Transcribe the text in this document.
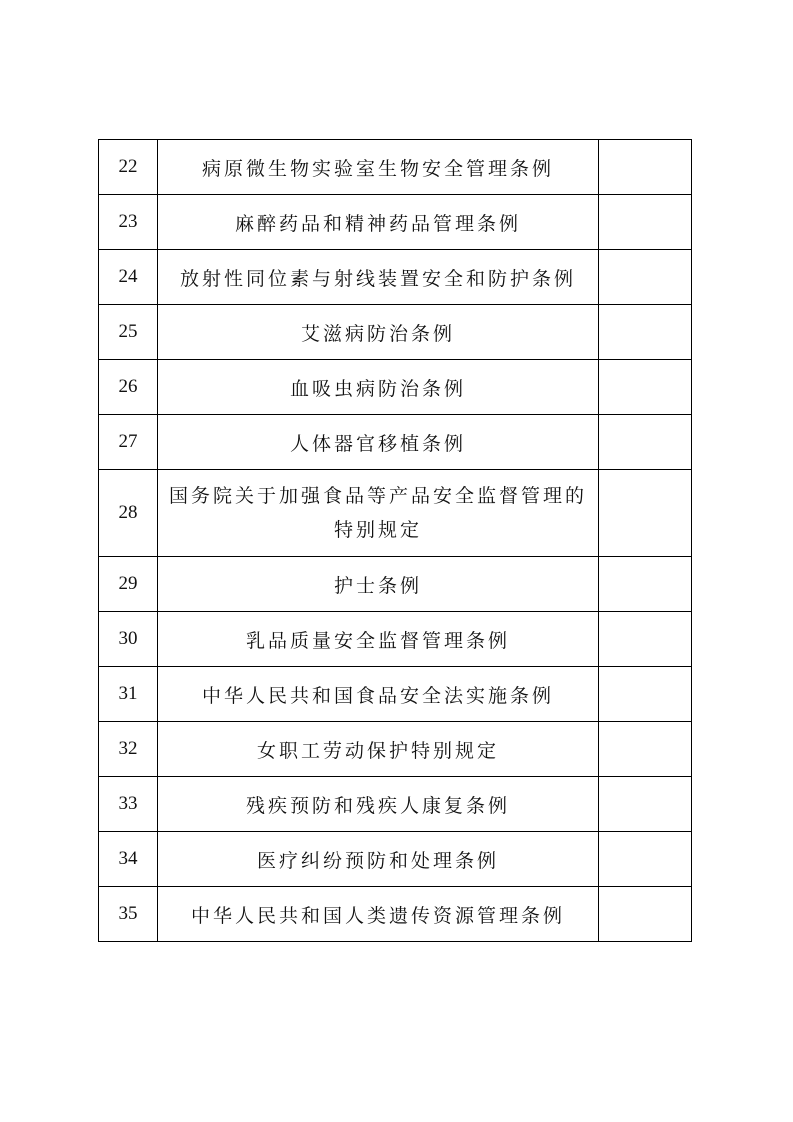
22	病原微生物实验室生物安全管理条例	
23	麻醉药品和精神药品管理条例	
24	放射性同位素与射线装置安全和防护条例	
25	艾滋病防治条例	
26	血吸虫病防治条例	
27	人体器官移植条例	
28	国务院关于加强食品等产品安全监督管理的
特别规定	

29	护士条例	
30	乳品质量安全监督管理条例	
31	中华人民共和国食品安全法实施条例	
32	女职工劳动保护特别规定	
33	残疾预防和残疾人康复条例	
34	医疗纠纷预防和处理条例	
35	中华人民共和国人类遗传资源管理条例	
